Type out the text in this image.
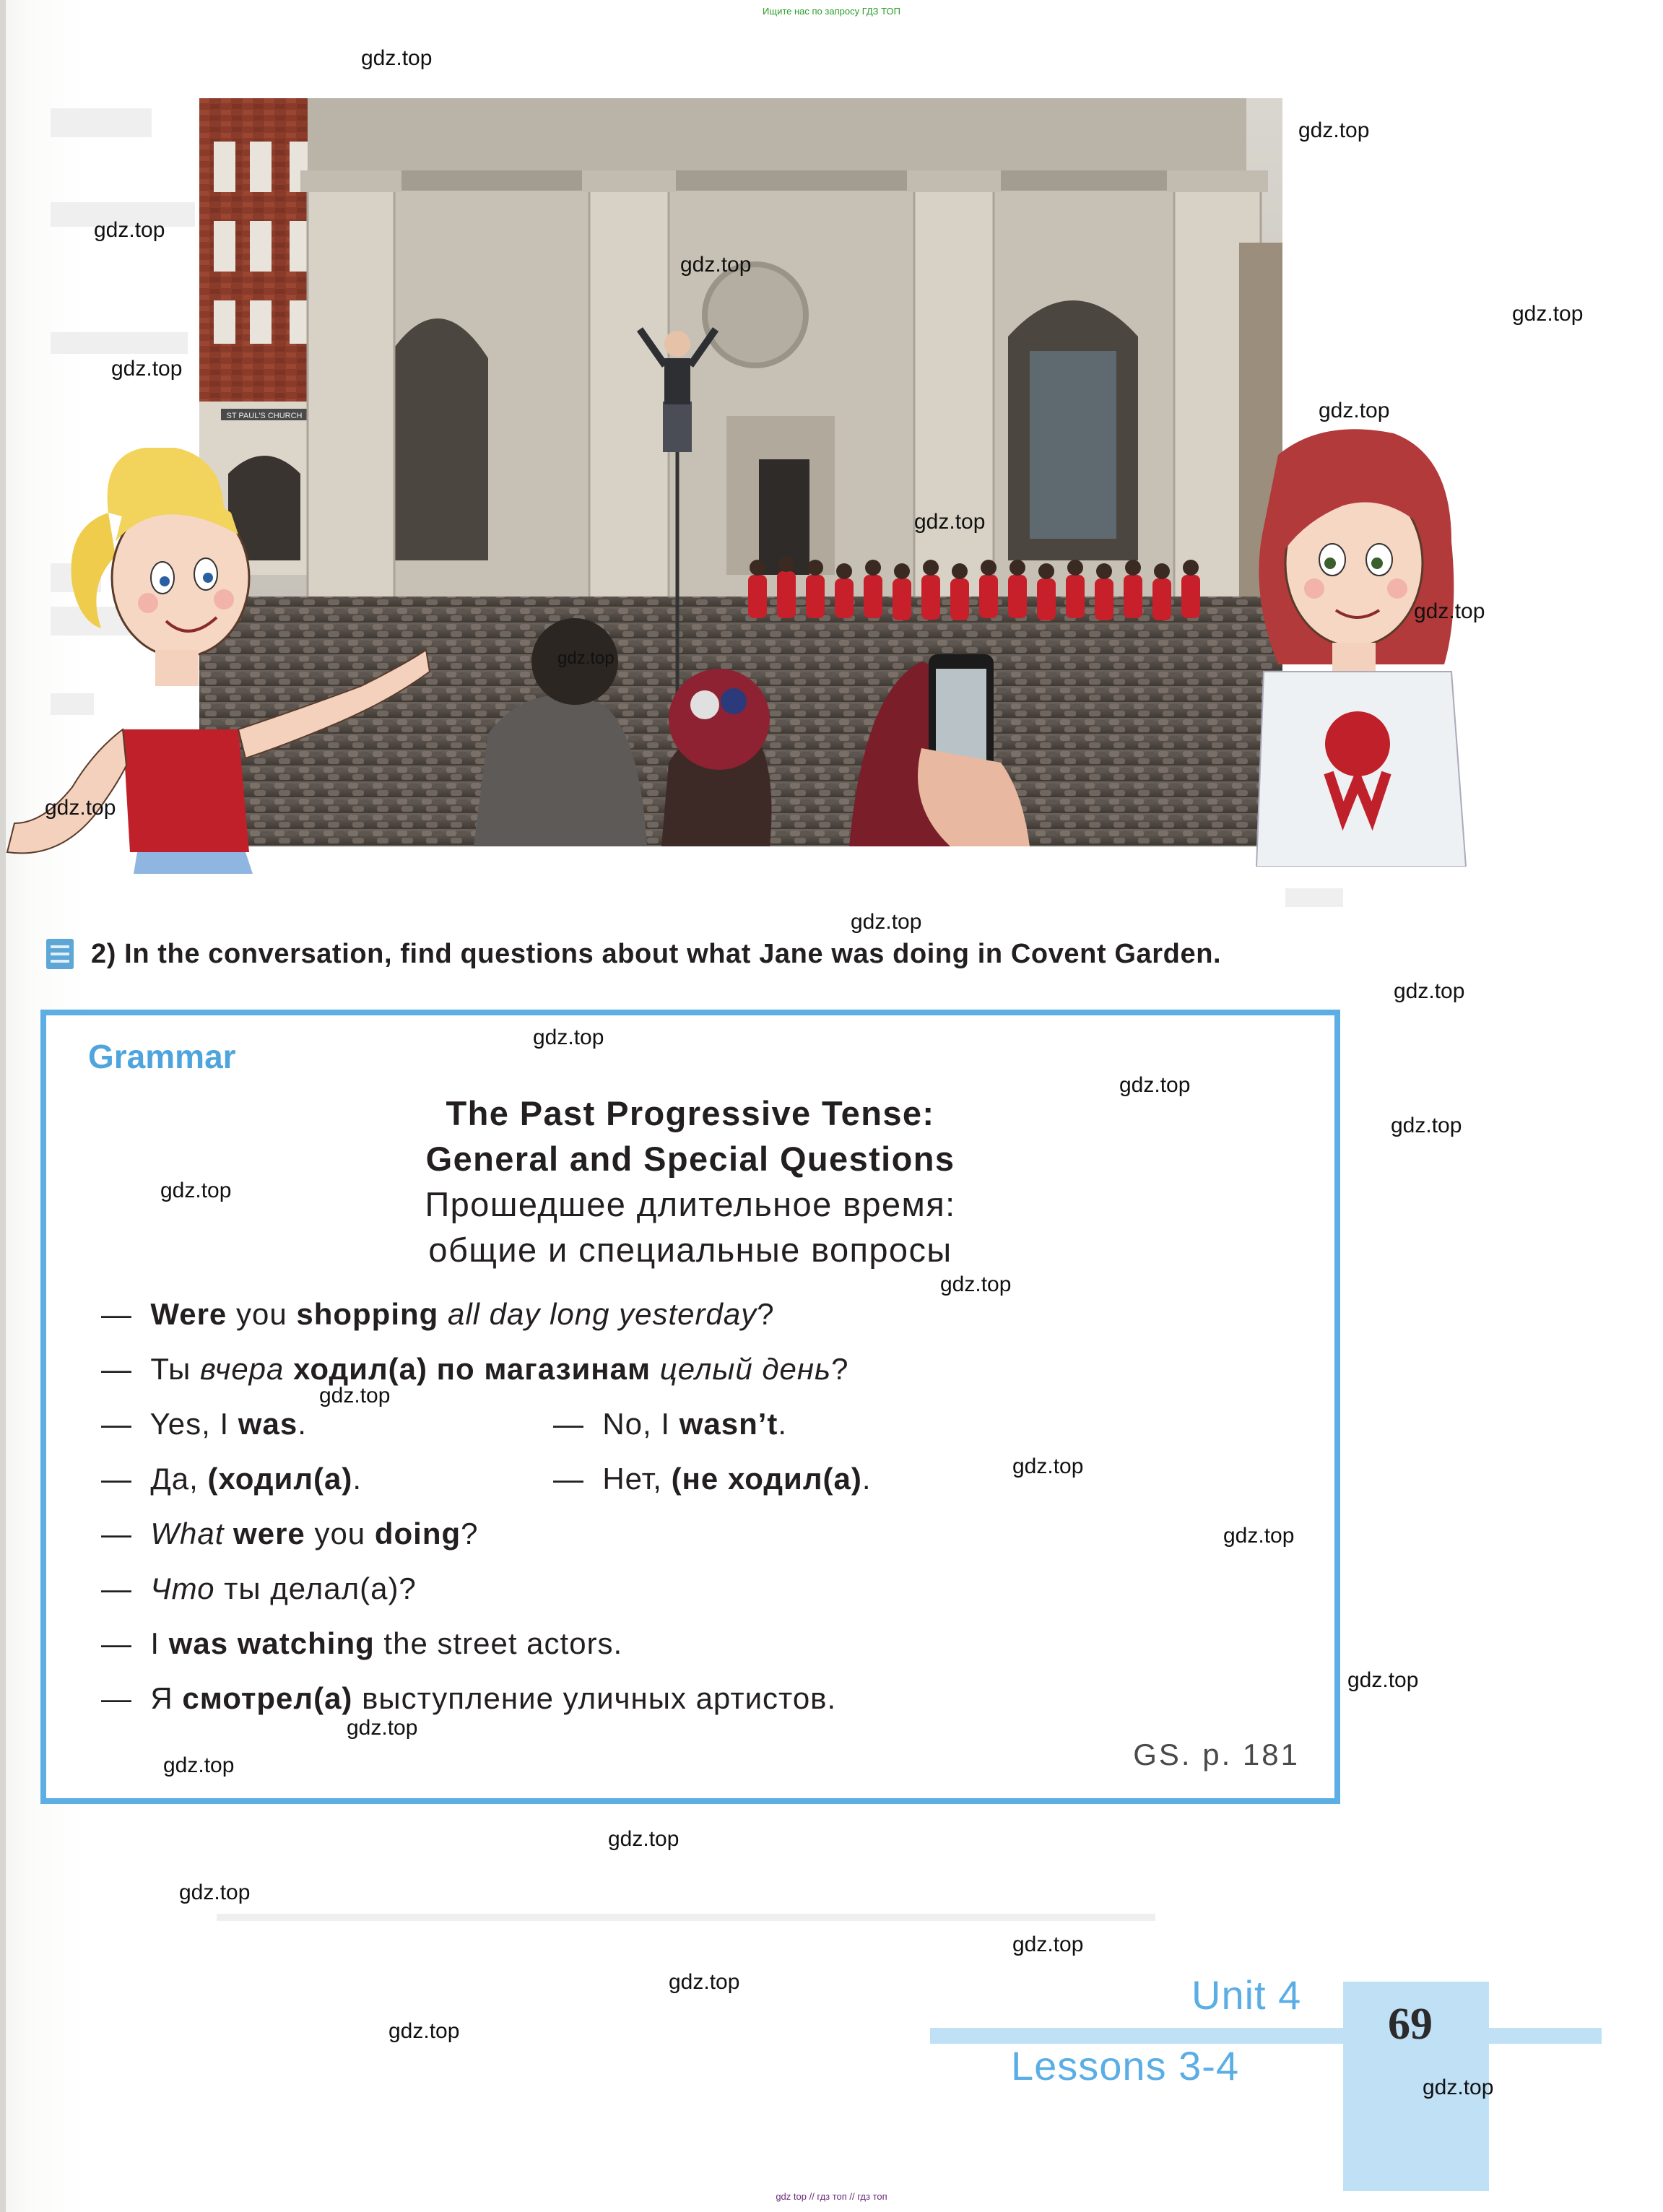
Ищите нас по запросу ГДЗ ТОП
ST PAUL'S CHURCH
2) In the conversation, find questions about what Jane was doing in Covent Garden.
Grammar
The Past Progressive Tense:
General and Special Questions
Прошедшее длительное время:
общие и специальные вопросы
— Were you shopping all day long yesterday?
— Ты вчера ходил(а) по магазинам целый день?
— Yes, I was.	— No, I wasn’t.
— Да, (ходил(а).	— Нет, (не ходил(а).
— What were you doing?
— Что ты делал(а)?
— I was watching the street actors.
— Я смотрел(а) выступление уличных артистов.
GS. p. 181
Unit 4
Lessons 3-4
69
gdz.top
gdz.top
gdz.top
gdz.top
gdz.top
gdz.top
gdz.top
gdz.top
gdz.top
gdz.top
gdz.top
gdz.top
gdz.top
gdz.top
gdz.top
gdz.top
gdz.top
gdz.top
gdz.top
gdz.top
gdz.top
gdz.top
gdz.top
gdz.top
gdz.top
gdz.top
gdz.top
gdz.top
gdz.top
gdz.top
gdz top // гдз топ // гдз топ
